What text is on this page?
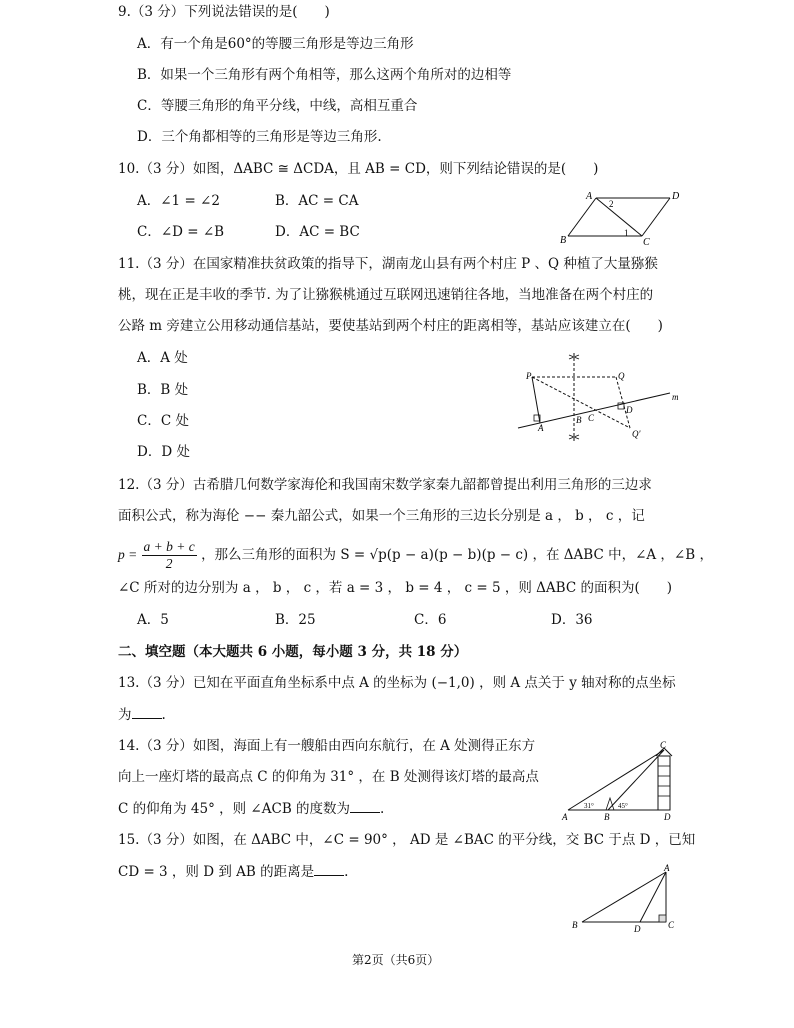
9.（3 分）下列说法错误的是(　　)
A．有一个角是60°的等腰三角形是等边三角形
B．如果一个三角形有两个角相等，那么这两个角所对的边相等
C．等腰三角形的角平分线，中线，高相互重合
D．三个角都相等的三角形是等边三角形.
10.（3 分）如图，ΔABC ≅ ΔCDA，且 AB = CD，则下列结论错误的是(　　)
A．∠1 = ∠2	B．AC = CA
C．∠D = ∠B	D．AC = BC
A	D
B	C
1
2
11.（3 分）在国家精准扶贫政策的指导下，湖南龙山县有两个村庄 P 、Q 种植了大量猕猴
桃，现在正是丰收的季节. 为了让猕猴桃通过互联网迅速销往各地，当地准备在两个村庄的
公路 m 旁建立公用移动通信基站，要使基站到两个村庄的距离相等，基站应该建立在(　　)
A．A 处
B．B 处
C．C 处
D．D 处
P	Q
m
A
B C
D
Q'
12.（3 分）古希腊几何数学家海伦和我国南宋数学家秦九韶都曾提出利用三角形的三边求
面积公式，称为海伦 −− 秦九韶公式，如果一个三角形的三边长分别是 a ， b ， c ，记
$p = \frac{a + b + c}{2}$ ，那么三角形的面积为 S = √p(p − a)(p − b)(p − c) ，在 ΔABC 中，∠A ，∠B ，
∠C 所对的边分别为 a ， b ， c ，若 a = 3 ， b = 4 ， c = 5 ，则 ΔABC 的面积为(　　)
A．5	B．25	C．6	D．36
二、填空题（本大题共 6 小题，每小题 3 分，共 18 分）
13.（3 分）已知在平面直角坐标系中点 A 的坐标为 (−1,0) ，则 A 点关于 y 轴对称的点坐标
为 .
14.（3 分）如图，海面上有一艘船由西向东航行，在 A 处测得正东方
向上一座灯塔的最高点 C 的仰角为 31° ，在 B 处测得该灯塔的最高点
C 的仰角为 45° ，则 ∠ACB 的度数为 .
C
A	B	D
31°	45°
15.（3 分）如图，在 ΔABC 中，∠C = 90° ， AD 是 ∠BAC 的平分线，交 BC 于点 D ，已知
CD = 3 ，则 D 到 AB 的距离是 .	A
B	D	C
第2页（共6页）
